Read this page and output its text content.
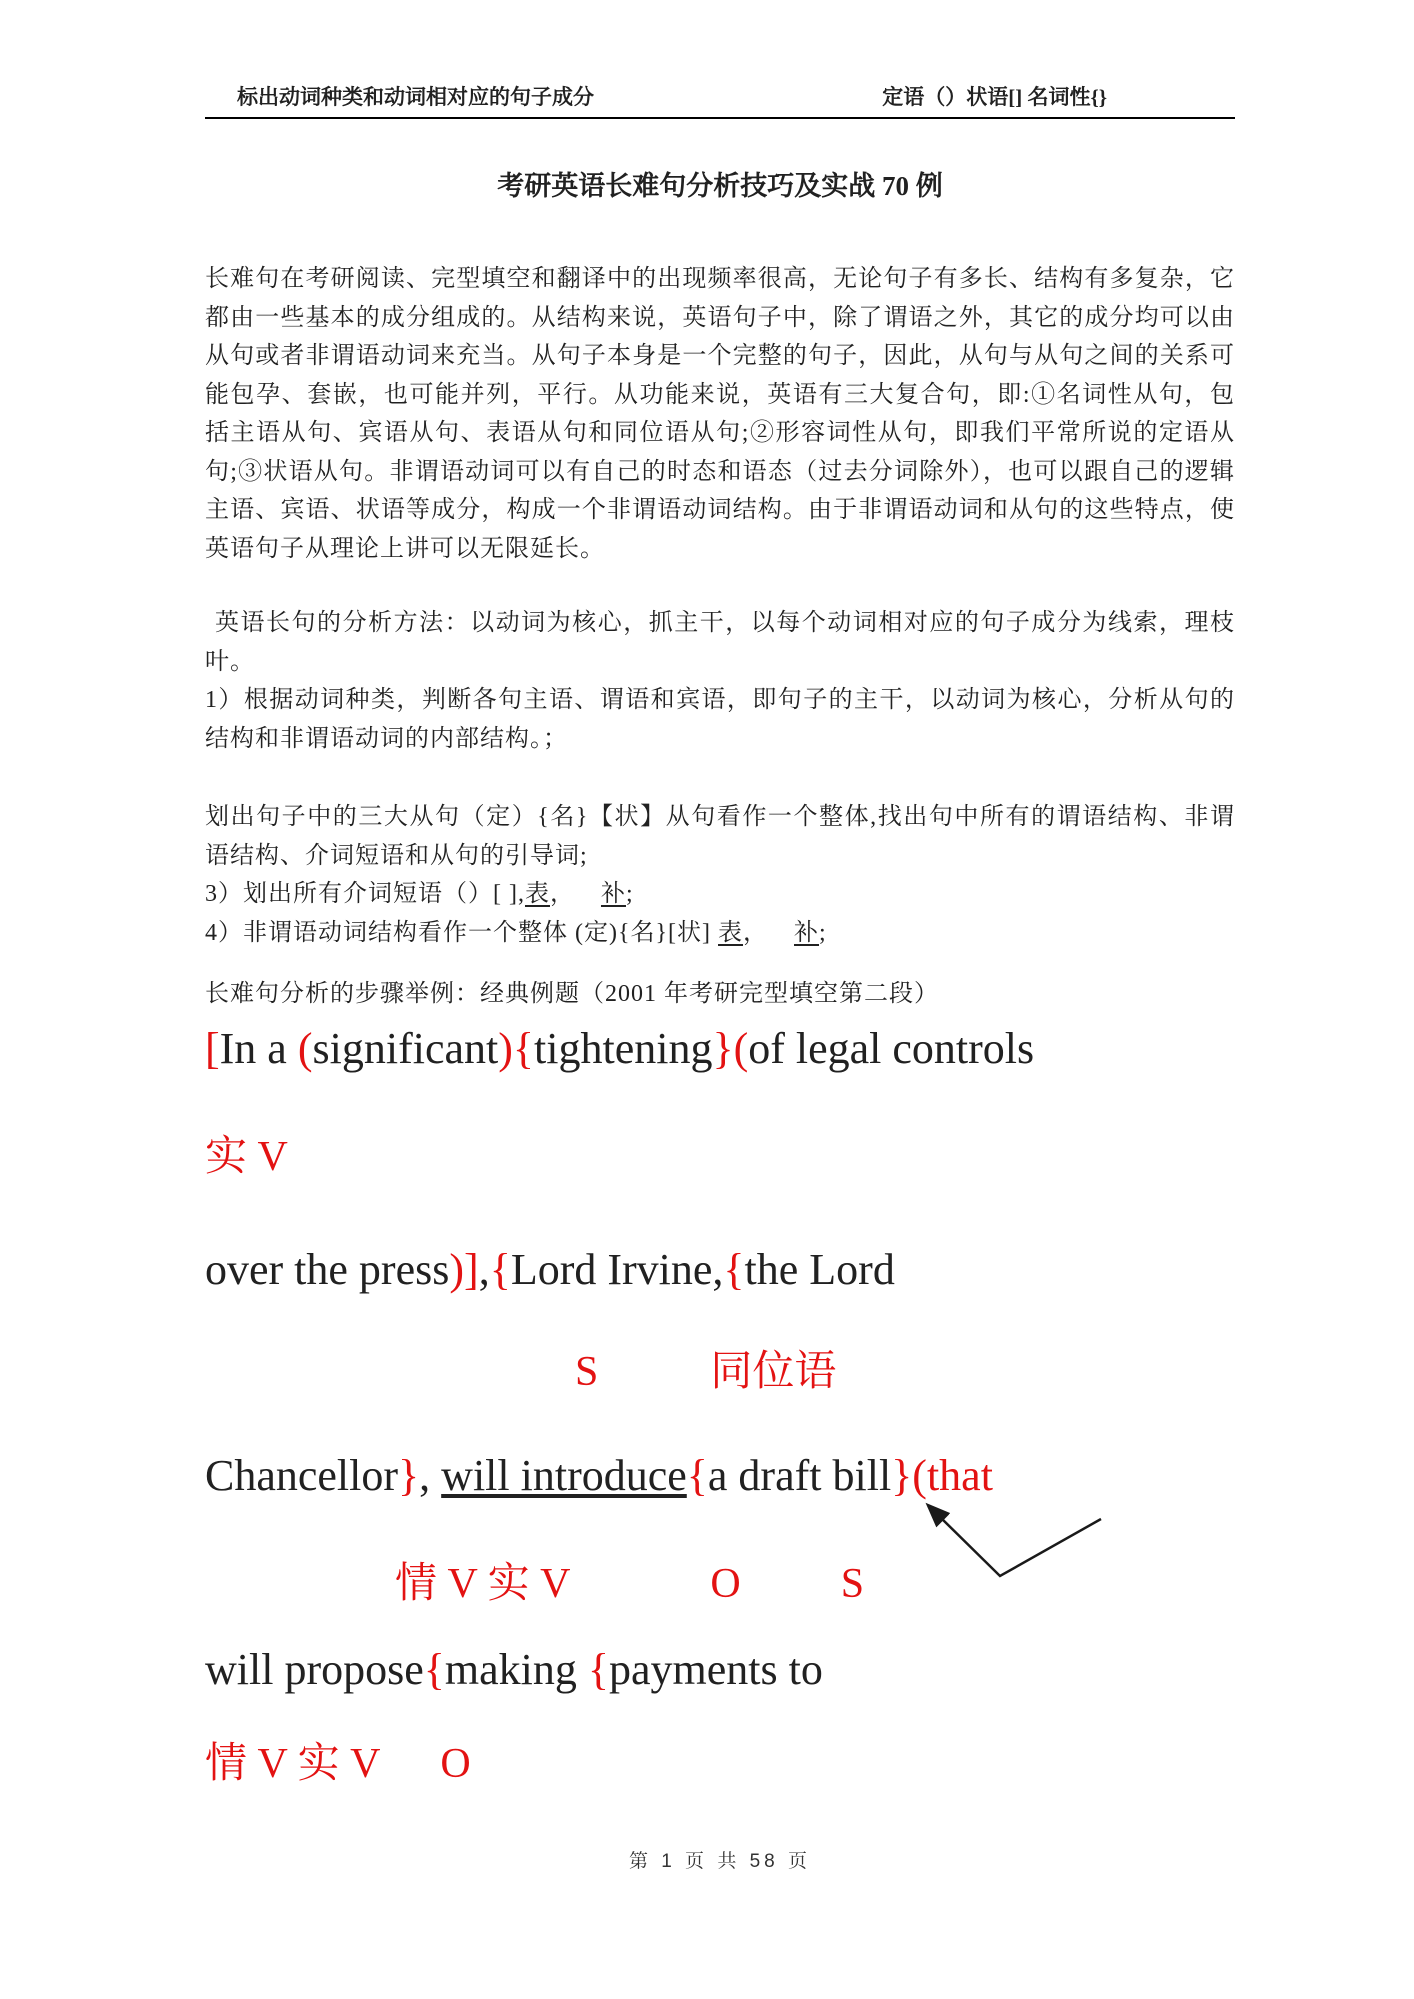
标出动词种类和动词相对应的句子成分	定语（）状语[] 名词性{}
考研英语长难句分析技巧及实战 70 例

长难句在考研阅读、完型填空和翻译中的出现频率很高，无论句子有多长、结构有多复杂，它都由一些基本的成分组成的。从结构来说，英语句子中，除了谓语之外，其它的成分均可以由从句或者非谓语动词来充当。从句子本身是一个完整的句子，因此，从句与从句之间的关系可能包孕、套嵌，也可能并列，平行。从功能来说，英语有三大复合句，即:①名词性从句，包括主语从句、宾语从句、表语从句和同位语从句;②形容词性从句，即我们平常所说的定语从句;③状语从句。非谓语动词可以有自己的时态和语态（过去分词除外），也可以跟自己的逻辑主语、宾语、状语等成分，构成一个非谓语动词结构。由于非谓语动词和从句的这些特点，使英语句子从理论上讲可以无限延长。

英语长句的分析方法：以动词为核心，抓主干，以每个动词相对应的句子成分为线索，理枝叶。

1）根据动词种类，判断各句主语、谓语和宾语，即句子的主干，以动词为核心，分析从句的结构和非谓语动词的内部结构。；

划出句子中的三大从句（定）{名}【状】从句看作一个整体,找出句中所有的谓语结构、非谓语结构、介词短语和从句的引导词;

3）划出所有介词短语（）[ ],表， 补;

4）非谓语动词结构看作一个整体 (定){名}[状] 表， 补;

长难句分析的步骤举例：经典例题（2001 年考研完型填空第二段）

[In a (significant){tightening}(of legal controls
实 V
over the press)],{Lord Irvine,{the Lord
S	同位语
Chancellor}, will introduce{a draft bill}(that
情 V 实 V	O S
will propose{making {payments to
情 V 实 V O
第 1 页 共 58 页
